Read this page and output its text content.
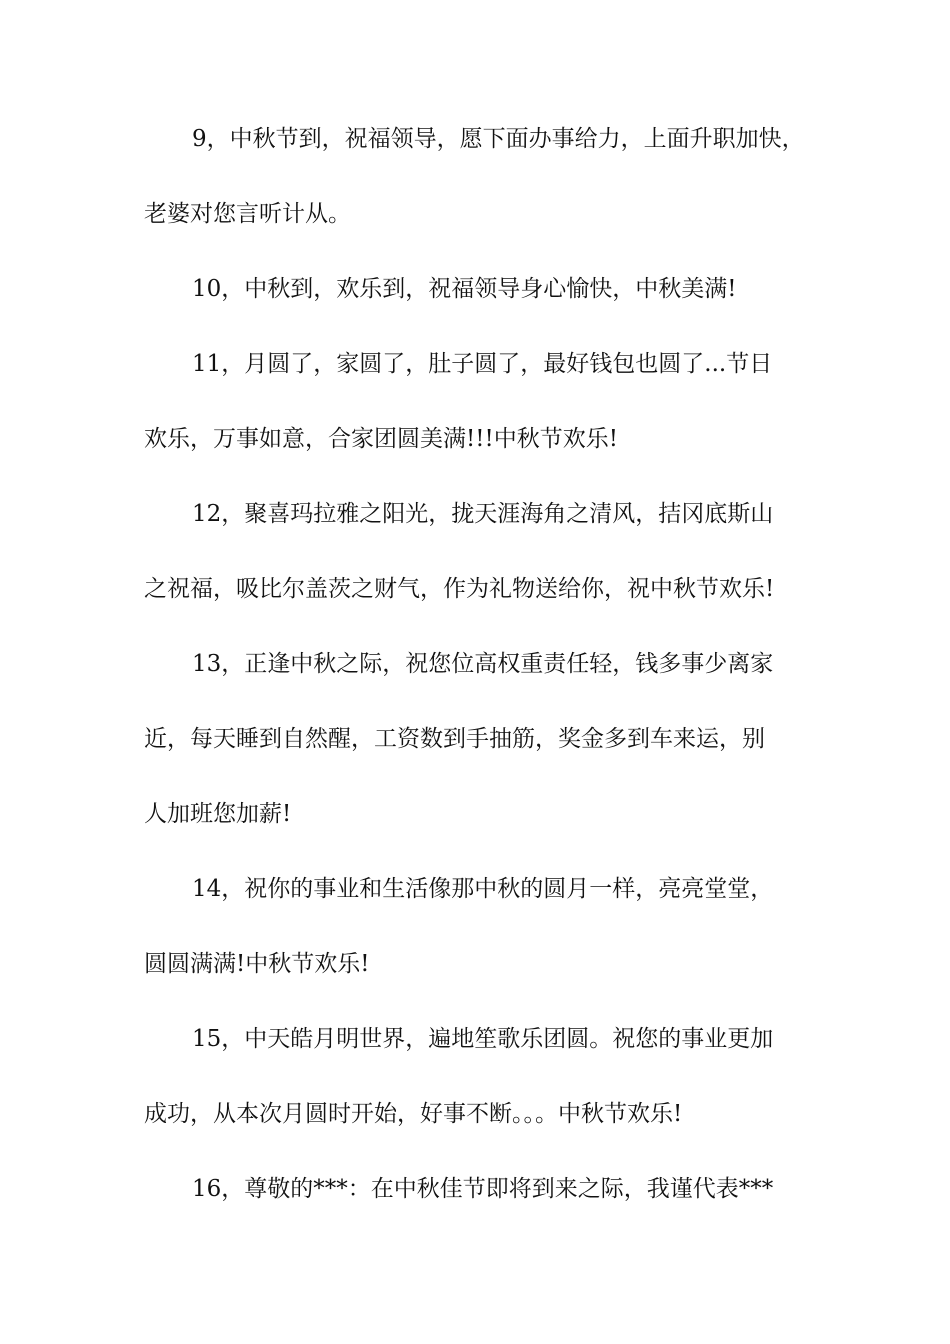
9，中秋节到，祝福领导，愿下面办事给力，上面升职加快，
老婆对您言听计从。
10，中秋到，欢乐到，祝福领导身心愉快，中秋美满!
11，月圆了，家圆了，肚子圆了，最好钱包也圆了...节日
欢乐，万事如意，合家团圆美满!!!中秋节欢乐!
12，聚喜玛拉雅之阳光，拢天涯海角之清风，拮冈底斯山
之祝福，吸比尔盖茨之财气，作为礼物送给你，祝中秋节欢乐!
13，正逢中秋之际，祝您位高权重责任轻，钱多事少离家
近，每天睡到自然醒，工资数到手抽筋，奖金多到车来运，别
人加班您加薪!
14，祝你的事业和生活像那中秋的圆月一样，亮亮堂堂，
圆圆满满!中秋节欢乐!
15，中天皓月明世界，遍地笙歌乐团圆。祝您的事业更加
成功，从本次月圆时开始，好事不断。。。中秋节欢乐!
16，尊敬的***：在中秋佳节即将到来之际，我谨代表***
